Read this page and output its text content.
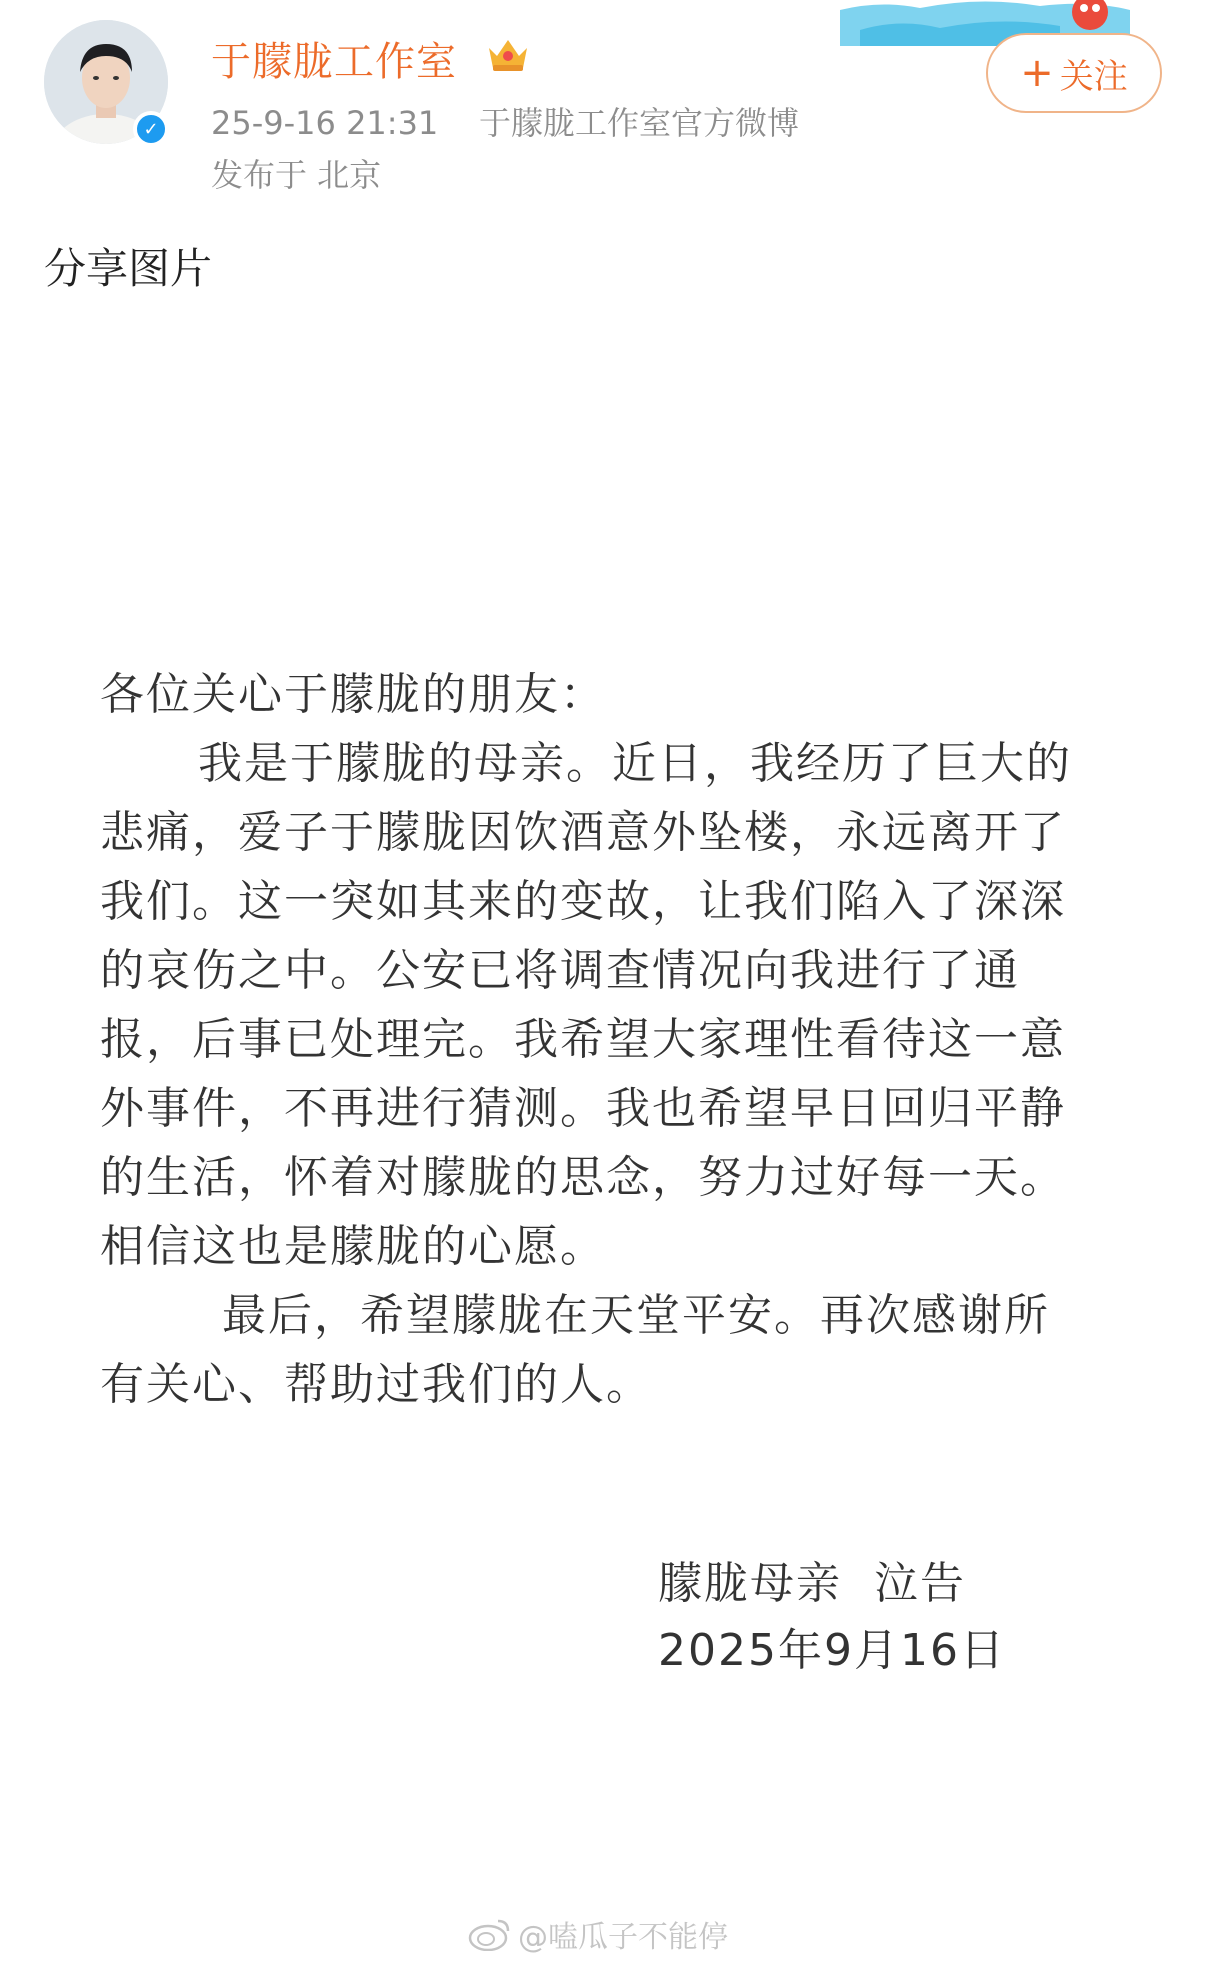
✓
于朦胧工作室
25-9-16 21:31 于朦胧工作室官方微博
发布于 北京
+ 关注
分享图片

各位关心于朦胧的朋友：

我是于朦胧的母亲。近日，我经历了巨大的悲痛，爱子于朦胧因饮酒意外坠楼，永远离开了我们。这一突如其来的变故，让我们陷入了深深的哀伤之中。公安已将调查情况向我进行了通报，后事已处理完。我希望大家理性看待这一意外事件，不再进行猜测。我也希望早日回归平静的生活，怀着对朦胧的思念，努力过好每一天。相信这也是朦胧的心愿。

最后，希望朦胧在天堂平安。再次感谢所有关心、帮助过我们的人。

朦胧母亲  泣告
2025年9月16日
@嗑瓜子不能停
